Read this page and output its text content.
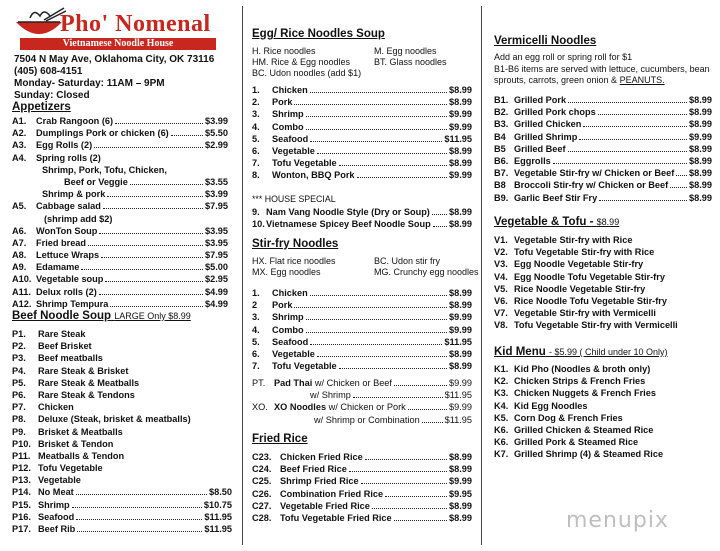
Pho' Nomenal
Vietnamese Noodle House
7504 N May Ave, Oklahoma City, OK 73116
(405) 608-4151
Monday- Saturday: 11AM – 9PM
Sunday: Closed
Appetizers
A1.	Crab Rangoon (6)	$3.99
A2.	Dumplings Pork or chicken (6)	$5.50
A3.	Egg Rolls (2)	$2.99
A4.	Spring rolls (2)
Shrimp, Pork, Tofu, Chicken,
Beef or Veggie	$3.55
Shrimp & pork	$3.99
A5.	Cabbage salad	$7.95
(shrimp add $2)
A6.	WonTon Soup	$3.95
A7.	Fried bread	$3.95
A8.	Lettuce Wraps	$7.95
A9.	Edamame	$5.00
A10. Vegetable soup	$2.95
A11. Delux rolls (2)	$4.99
A12. Shrimp Tempura	$4.99
Beef Noodle Soup LARGE Only $8.99
P1.	Rare Steak
P2.	Beef Brisket
P3.	Beef meatballs
P4.	Rare Steak & Brisket
P5.	Rare Steak & Meatballs
P6.	Rare Steak & Tendons
P7.	Chicken
P8.	Deluxe (Steak, brisket & meatballs)
P9.	Brisket & Meatballs
P10. Brisket & Tendon
P11. Meatballs & Tendon
P12. Tofu Vegetable
P13. Vegetable
P14. No Meat	$8.50
P15. Shrimp	$10.75
P16. Seafood	$11.95
P17. Beef Rib	$11.95
Egg/ Rice Noodles Soup
H. Rice noodles	M. Egg noodles
HM. Rice & Egg noodles	BT. Glass noodles
BC. Udon noodles (add $1)
1.	Chicken	$8.99
2.	Pork	$8.99
3.	Shrimp	$9.99
4.	Combo	$9.99
5.	Seafood	$11.95
6.	Vegetable	$8.99
7.	Tofu Vegetable	$8.99
8.	Wonton, BBQ Pork	$9.99
*** HOUSE SPECIAL
9. Nam Vang Noodle Style (Dry or Soup) $8.99
10. Vietnamese Spicey Beef Noodle Soup $8.99
Stir-fry Noodles
HX. Flat rice noodles	BC. Udon stir fry
MX. Egg noodles	MG. Crunchy egg noodles
1.	Chicken	$8.99
2	Pork	$8.99
3.	Shrimp	$9.99
4.	Combo	$9.99
5.	Seafood	$11.95
6.	Vegetable	$8.99
7.	Tofu Vegetable	$8.99
PT. Pad Thai w/ Chicken or Beef	$9.99
w/ Shrimp	$11.95
XO. XO Noodles w/ Chicken or Pork	$9.99
w/ Shrimp or Combination	$11.95
Fried Rice
C23. Chicken Fried Rice	$8.99
C24. Beef Fried Rice	$8.99
C25. Shrimp Fried Rice	$9.99
C26. Combination Fried Rice	$9.95
C27. Vegetable Fried Rice	$8.99
C28. Tofu Vegetable Fried Rice	$8.99
Vermicelli Noodles
Add an egg roll or spring roll for $1
B1-B6 items are served with lettuce, cucumbers, bean sprouts, carrots, green onion & PEANUTS.
B1. Grilled Pork	$8.99
B2. Grilled Pork chops	$8.99
B3. Grilled Chicken	$8.99
B4 Grilled Shrimp	$9.99
B5 Grilled Beef	$8.99
B6. Eggrolls	$8.99
B7. Vegetable Stir-fry w/ Chicken or Beef $8.99
B8 Broccoli Stir-fry w/ Chicken or Beef $8.99
B9. Garlic Beef Stir Fry	$8.99
Vegetable & Tofu - $8.99
V1. Vegetable Stir-fry with Rice
V2. Tofu Vegetable Stir-fry with Rice
V3. Egg Noodle Vegetable Stir-fry
V4. Egg Noodle Tofu Vegetable Stir-fry
V5. Rice Noodle Vegetable Stir-fry
V6. Rice Noodle Tofu Vegetable Stir-fry
V7. Vegetable Stir-fry with Vermicelli
V8. Tofu Vegetable Stir-fry with Vermicelli
Kid Menu - $5.99 ( Child under 10 Only)
K1. Kid Pho (Noodles & broth only)
K2. Chicken Strips & French Fries
K3. Chicken Nuggets & French Fries
K4. Kid Egg Noodles
K5. Corn Dog & French Fries
K6. Grilled Chicken & Steamed Rice
K6. Grilled Pork & Steamed Rice
K7. Grilled Shrimp (4) & Steamed Rice
menupix
